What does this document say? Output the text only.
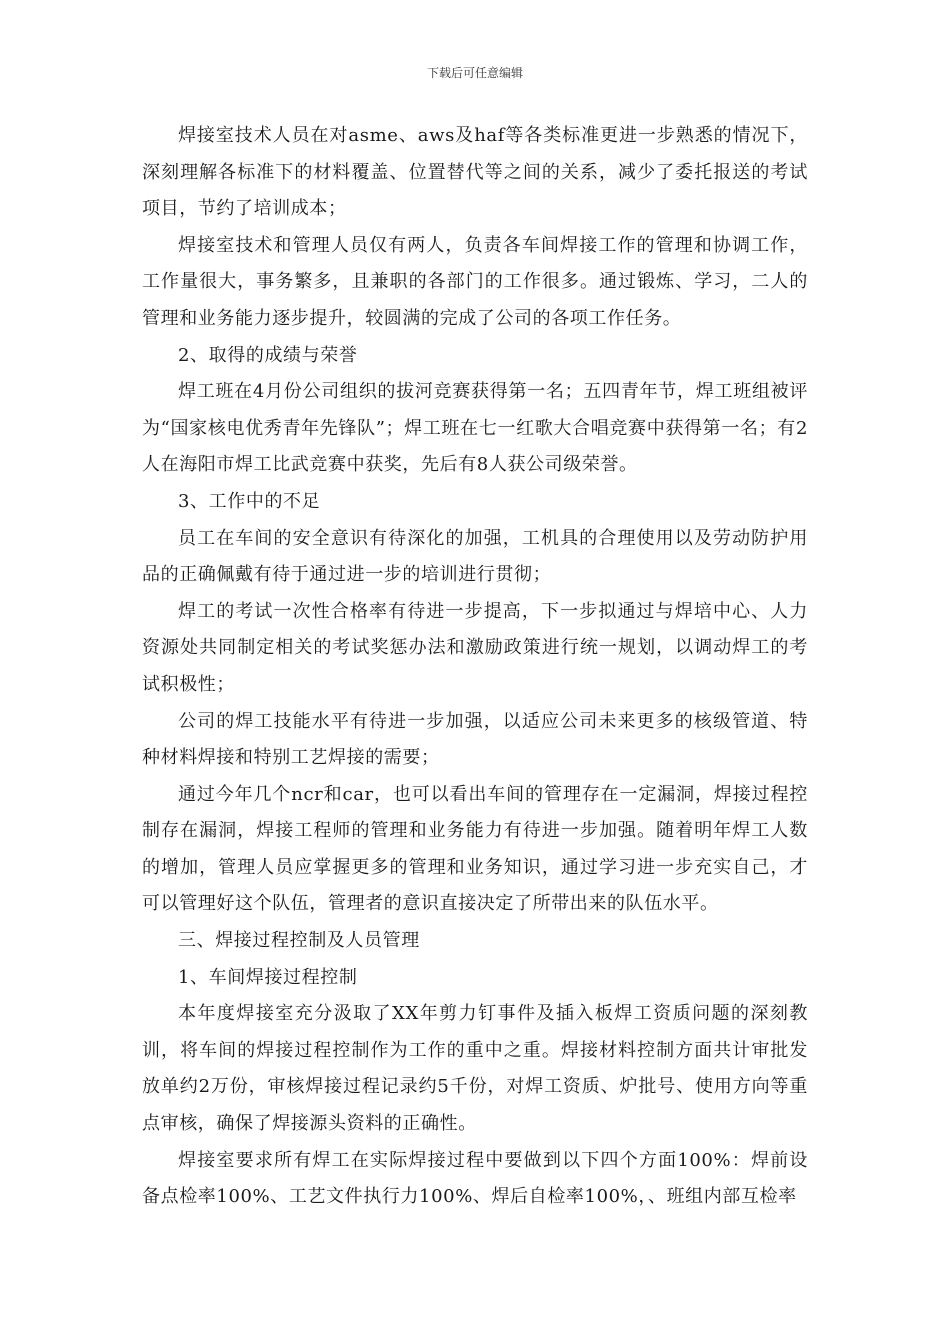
下载后可任意编辑

焊接室技术人员在对asme、aws及haf等各类标准更进一步熟悉的情况下，深刻理解各标准下的材料覆盖、位置替代等之间的关系，减少了委托报送的考试项目，节约了培训成本；

焊接室技术和管理人员仅有两人，负责各车间焊接工作的管理和协调工作，工作量很大，事务繁多，且兼职的各部门的工作很多。通过锻炼、学习，二人的管理和业务能力逐步提升，较圆满的完成了公司的各项工作任务。

2、取得的成绩与荣誉

焊工班在4月份公司组织的拔河竞赛获得第一名；五四青年节，焊工班组被评为“国家核电优秀青年先锋队”；焊工班在七一红歌大合唱竞赛中获得第一名；有2人在海阳市焊工比武竞赛中获奖，先后有8人获公司级荣誉。

3、工作中的不足

员工在车间的安全意识有待深化的加强，工机具的合理使用以及劳动防护用品的正确佩戴有待于通过进一步的培训进行贯彻；

焊工的考试一次性合格率有待进一步提高，下一步拟通过与焊培中心、人力资源处共同制定相关的考试奖惩办法和激励政策进行统一规划，以调动焊工的考试积极性；

公司的焊工技能水平有待进一步加强，以适应公司未来更多的核级管道、特种材料焊接和特别工艺焊接的需要；

通过今年几个ncr和car，也可以看出车间的管理存在一定漏洞，焊接过程控制存在漏洞，焊接工程师的管理和业务能力有待进一步加强。随着明年焊工人数的增加，管理人员应掌握更多的管理和业务知识，通过学习进一步充实自己，才可以管理好这个队伍，管理者的意识直接决定了所带出来的队伍水平。

三、焊接过程控制及人员管理

1、车间焊接过程控制

本年度焊接室充分汲取了XX年剪力钉事件及插入板焊工资质问题的深刻教训，将车间的焊接过程控制作为工作的重中之重。焊接材料控制方面共计审批发放单约2万份，审核焊接过程记录约5千份，对焊工资质、炉批号、使用方向等重点审核，确保了焊接源头资料的正确性。

焊接室要求所有焊工在实际焊接过程中要做到以下四个方面100%：焊前设备点检率100%、工艺文件执行力100%、焊后自检率100%，、班组内部互检率
